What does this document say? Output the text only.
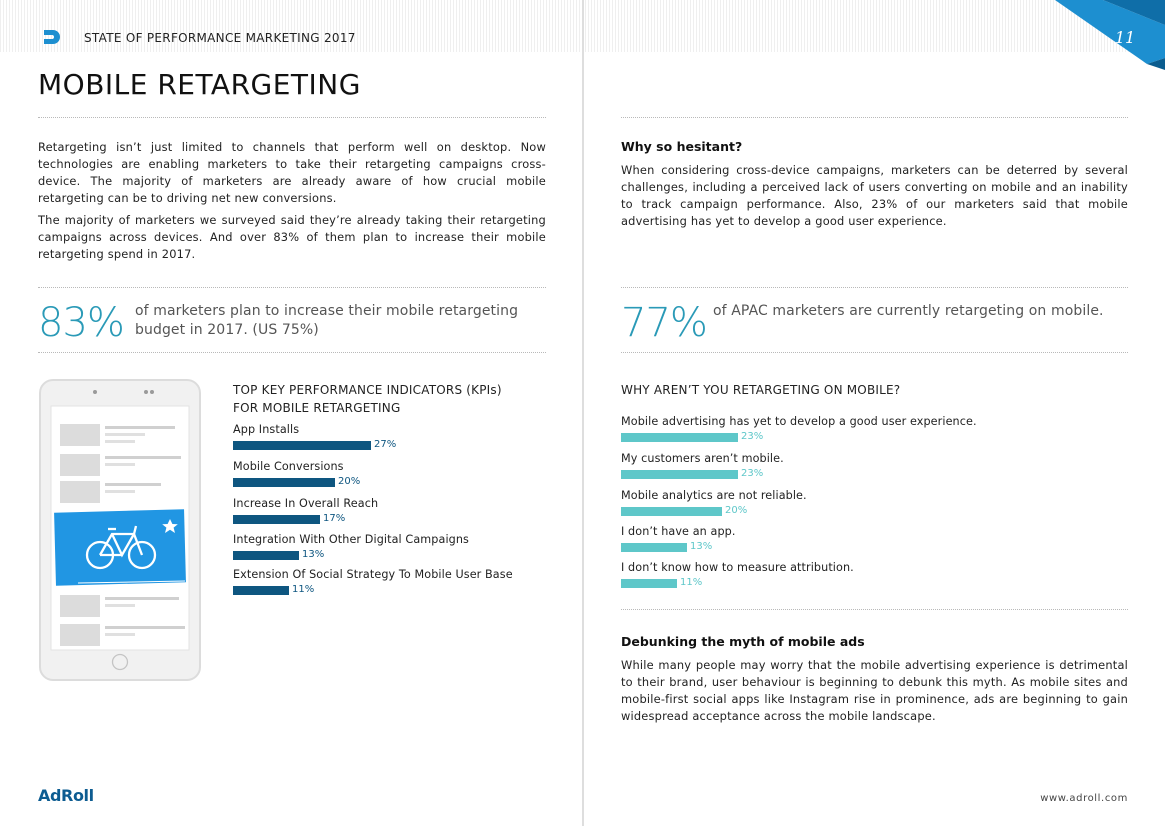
11
STATE OF PERFORMANCE MARKETING 2017
MOBILE RETARGETING

Retargeting isn’t just limited to channels that perform well on desktop. Now technologies are enabling marketers to take their retargeting campaigns cross-device. The majority of marketers are already aware of how crucial mobile retargeting can be to driving net new conversions.

The majority of marketers we surveyed said they’re already taking their retargeting campaigns across devices. And over 83% of them plan to increase their mobile retargeting spend in 2017.

Why so hesitant?

When considering cross-device campaigns, marketers can be deterred by several challenges, including a perceived lack of users converting on mobile and an inability to track campaign performance. Also, 23% of our marketers said that mobile advertising has yet to develop a good user experience.

83% of marketers plan to increase their mobile retargeting budget in 2017. (US 75%)	77% of APAC marketers are currently retargeting on mobile.
TOP KEY PERFORMANCE INDICATORS (KPIs)
FOR MOBILE RETARGETING
App Installs
27%
Mobile Conversions
20%
Increase In Overall Reach
17%
Integration With Other Digital Campaigns
13%
Extension Of Social Strategy To Mobile User Base
11%
WHY AREN’T YOU RETARGETING ON MOBILE?
Mobile advertising has yet to develop a good user experience.
23%
My customers aren’t mobile.
23%
Mobile analytics are not reliable.
20%
I don’t have an app.
13%
I don’t know how to measure attribution.
11%
Debunking the myth of mobile ads

While many people may worry that the mobile advertising experience is detrimental to their brand, user behaviour is beginning to debunk this myth. As mobile sites and mobile-first social apps like Instagram rise in prominence, ads are beginning to gain widespread acceptance across the mobile landscape.

AdRoll	www.adroll.com
